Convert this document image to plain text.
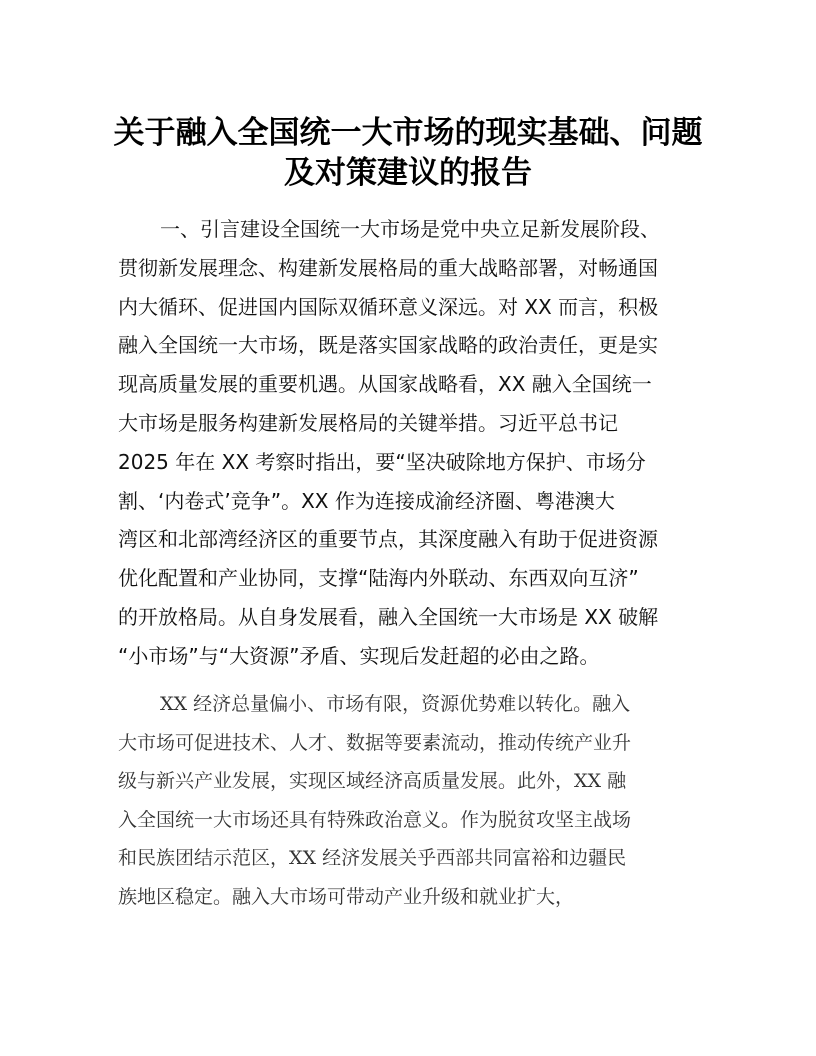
关于融入全国统一大市场的现实基础、问题
及对策建议的报告
一、引言建设全国统一大市场是党中央立足新发展阶段、
贯彻新发展理念、构建新发展格局的重大战略部署，对畅通国
内大循环、促进国内国际双循环意义深远。对 XX 而言，积极
融入全国统一大市场，既是落实国家战略的政治责任，更是实
现高质量发展的重要机遇。从国家战略看，XX 融入全国统一
大市场是服务构建新发展格局的关键举措。习近平总书记
2025 年在 XX 考察时指出，要“坚决破除地方保护、市场分
割、‘内卷式’竞争”。XX 作为连接成渝经济圈、粤港澳大
湾区和北部湾经济区的重要节点，其深度融入有助于促进资源
优化配置和产业协同，支撑“陆海内外联动、东西双向互济”
的开放格局。从自身发展看，融入全国统一大市场是 XX 破解
“小市场”与“大资源”矛盾、实现后发赶超的必由之路。
XX 经济总量偏小、市场有限，资源优势难以转化。融入
大市场可促进技术、人才、数据等要素流动，推动传统产业升
级与新兴产业发展，实现区域经济高质量发展。此外，XX 融
入全国统一大市场还具有特殊政治意义。作为脱贫攻坚主战场
和民族团结示范区，XX 经济发展关乎西部共同富裕和边疆民
族地区稳定。融入大市场可带动产业升级和就业扩大，
